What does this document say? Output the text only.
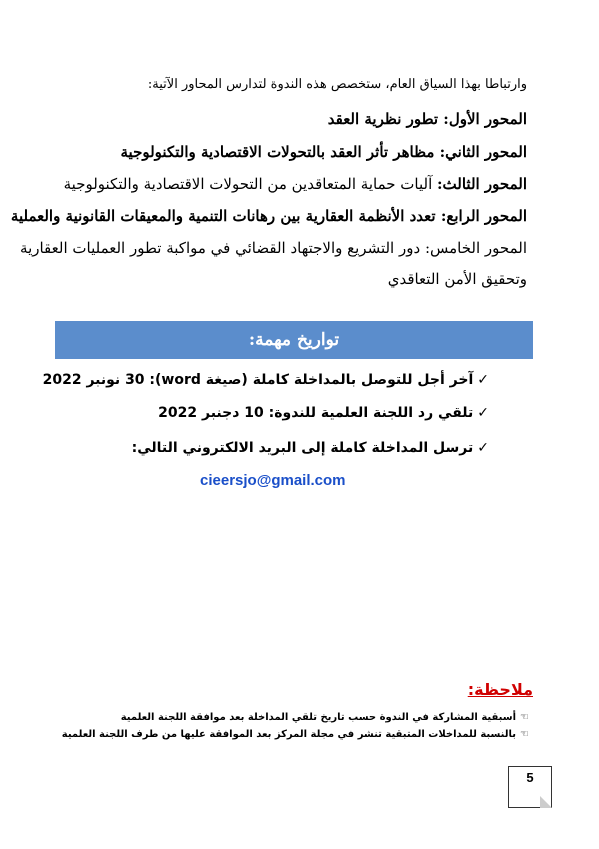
وارتباطا بهذا السياق العام، ستخصص هذه الندوة لتدارس المحاور الآتية:
المحور الأول: تطور نظرية العقد
المحور الثاني: مظاهر تأثر العقد بالتحولات الاقتصادية والتكنولوجية
المحور الثالث: آليات حماية المتعاقدين من التحولات الاقتصادية والتكنولوجية
المحور الرابع: تعدد الأنظمة العقارية بين رهانات التنمية والمعيقات القانونية والعملية
المحور الخامس: دور التشريع والاجتهاد القضائي في مواكبة تطور العمليات العقارية
وتحقيق الأمن التعاقدي
تواريخ مهمة:
✓آخر أجل للتوصل بالمداخلة كاملة (صيغة word): 30 نونبر 2022
✓تلقي رد اللجنة العلمية للندوة: 10 دجنبر 2022
✓ترسل المداخلة كاملة إلى البريد الالكتروني التالي:
cieersjo@gmail.com
ملاحظة:
☜أسبقية المشاركة في الندوة حسب تاريخ تلقي المداخلة بعد موافقة اللجنة العلمية
☜بالنسبة للمداخلات المتبقية تنشر في مجلة المركز بعد الموافقة عليها من طرف اللجنة العلمية
5
